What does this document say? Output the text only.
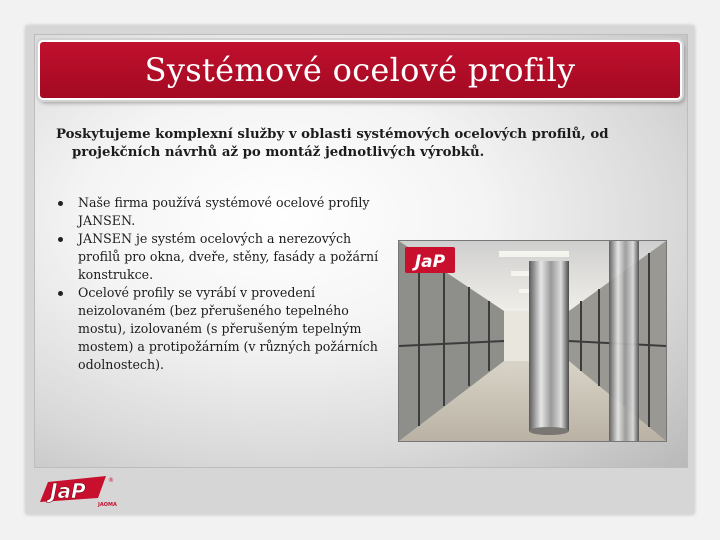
Systémové ocelové profily
Poskytujeme komplexní služby v oblasti systémových ocelových profilů, od projekčních návrhů až po montáž jednotlivých výrobků.
Naše firma používá systémové ocelové profily JANSEN.
JANSEN je systém ocelových a nerezových profilů pro okna, dveře, stěny, fasády a požární konstrukce.
Ocelové profily se vyrábí v provedení neizolovaném (bez přerušeného tepelného mostu), izolovaném (s přerušeným tepelným mostem) a protipožárním (v různých požárních odolnostech).
JaP
JaP	®
JAOMA
